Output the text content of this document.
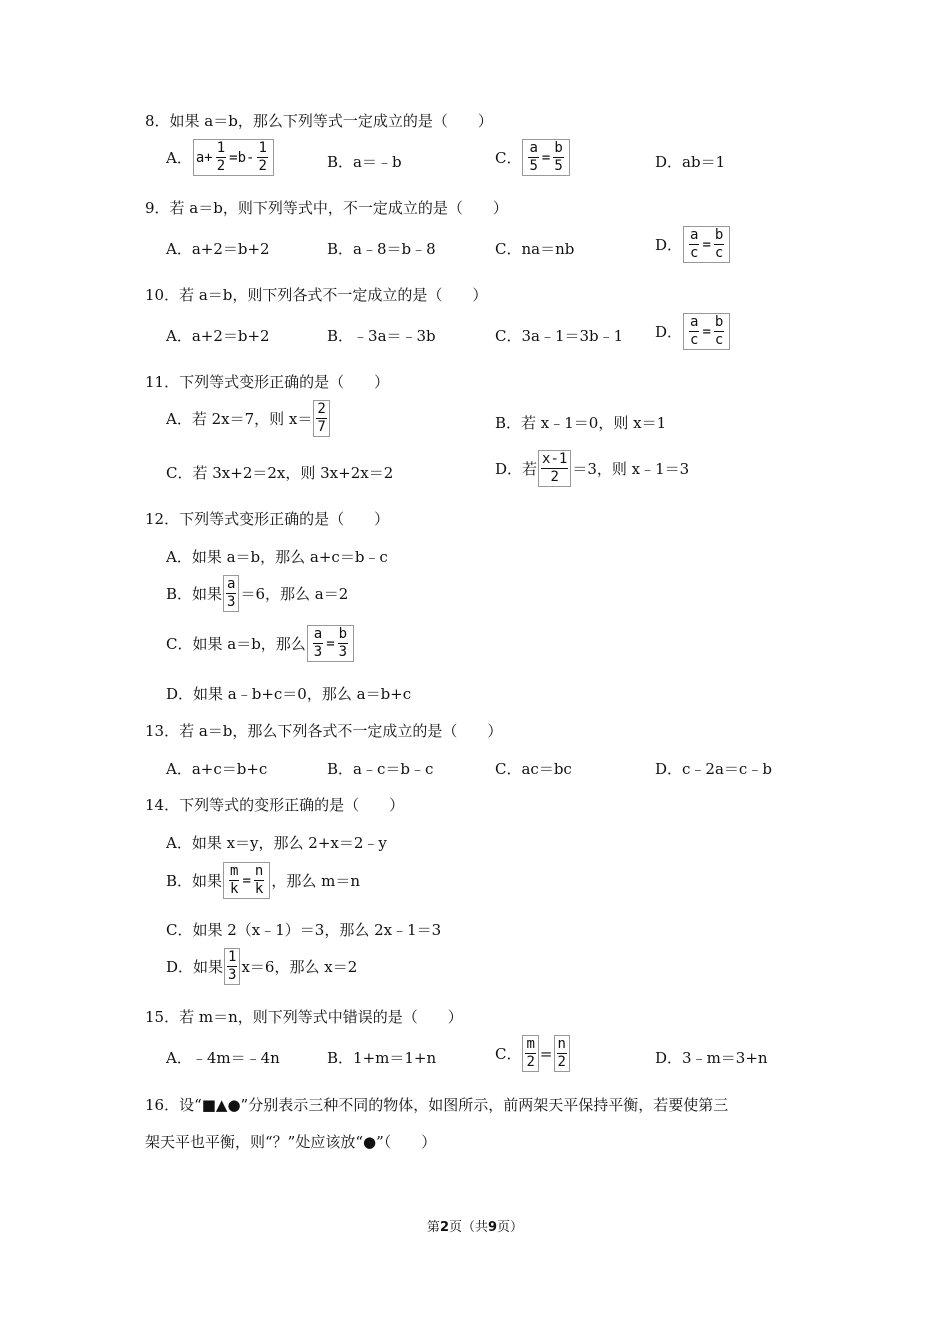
8．如果 a＝b，那么下列等式一定成立的是（　　）
A． $a+ \frac{1}{2} =b- \frac{1}{2}$	B．a＝﹣b	C． $\frac{a}{5} = \frac{b}{5}$	D．ab＝1
9．若 a＝b，则下列等式中，不一定成立的是（　　）
A．a+2＝b+2	B．a﹣8＝b﹣8	C．na＝nb	D． $\frac{a}{c} = \frac{b}{c}$
10．若 a＝b，则下列各式不一定成立的是（　　）
A．a+2＝b+2	B．﹣3a＝﹣3b	C．3a﹣1＝3b﹣1 D． $\frac{a}{c} = \frac{b}{c}$
11．下列等式变形正确的是（　　）
A．若 2x＝7，则 $x= \frac{2}{7}$	B．若 x﹣1＝0，则 x＝1
C．若 3x+2＝2x，则 3x+2x＝2	D．若 $\frac{x-1}{2} =3$，则 x﹣1＝3
12．下列等式变形正确的是（　　）
A．如果 a＝b，那么 a+c＝b﹣c
B．如果 $\frac{a}{3} =6$，那么 a＝2
C．如果 a＝b，那么 $\frac{a}{3} = \frac{b}{3}$
D．如果 a﹣b+c＝0，那么 a＝b+c
13．若 a＝b，那么下列各式不一定成立的是（　　）
A．a+c＝b+c	B．a﹣c＝b﹣c	C．ac＝bc	D．c﹣2a＝c﹣b
14．下列等式的变形正确的是（　　）
A．如果 x＝y，那么 2+x＝2﹣y
B．如果 $\frac{m}{k} = \frac{n}{k}$ ，那么 m＝n
C．如果 2（x﹣1）＝3，那么 2x﹣1＝3
D．如果 $\frac{1}{3} x=6$，那么 x＝2
15．若 m＝n，则下列等式中错误的是（　　）
A．﹣4m＝﹣4n	B．1+m＝1+n	C． $\frac{m}{2} = \frac{n}{2}$	D．3﹣m＝3+n
16．设“■▲●”分别表示三种不同的物体，如图所示，前两架天平保持平衡，若要使第三
架天平也平衡，则“？”处应该放“●”（　　）
第2页（共9页）
